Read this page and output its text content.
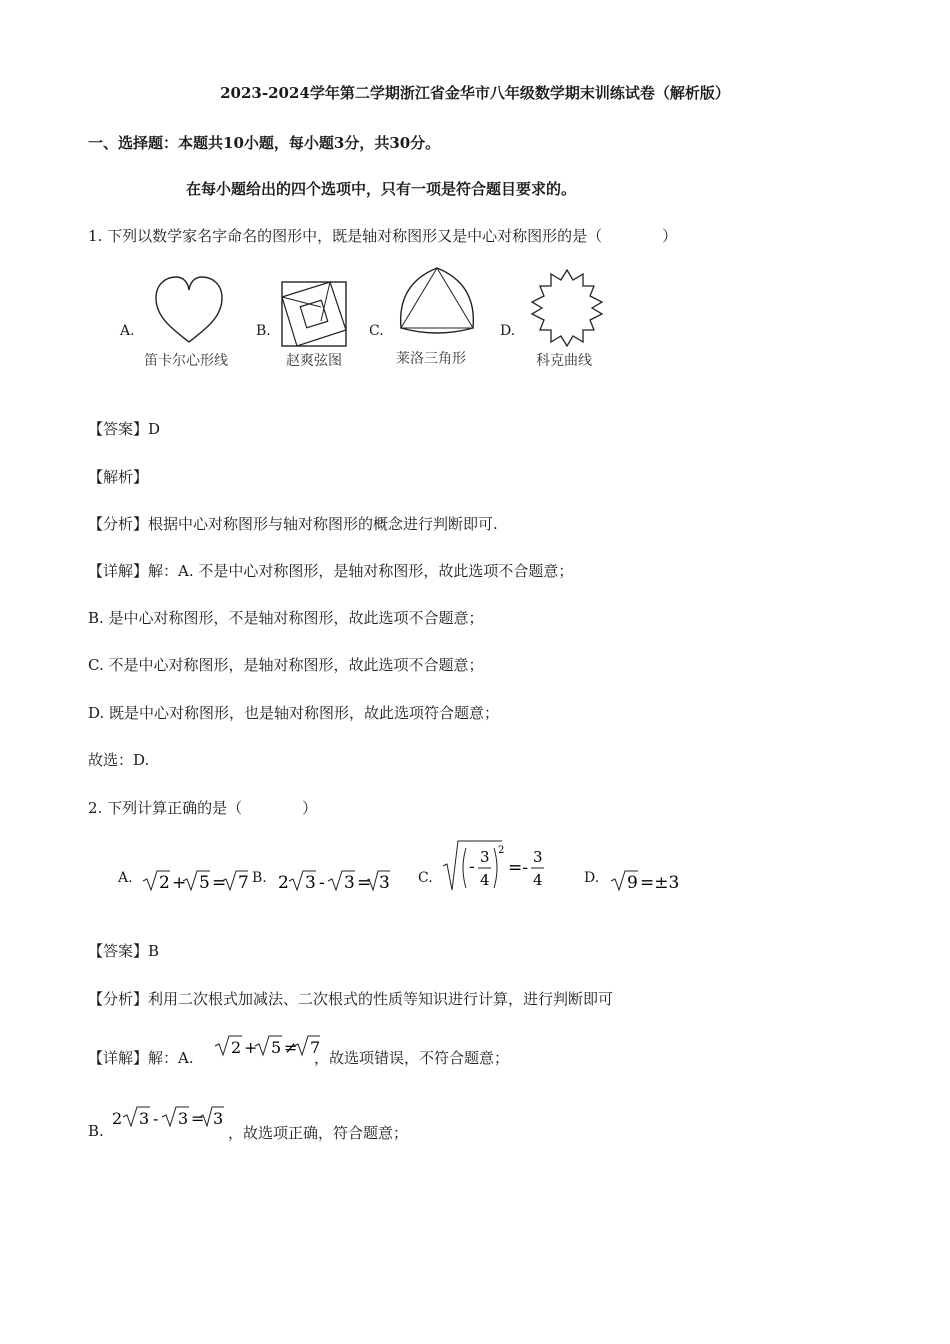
2023-2024学年第二学期浙江省金华市八年级数学期末训练试卷（解析版）
一、选择题：本题共10小题，每小题3分，共30分。
在每小题给出的四个选项中，只有一项是符合题目要求的。
1. 下列以数学家名字命名的图形中，既是轴对称图形又是中心对称图形的是（　　　　）
A.
笛卡尔心形线
B.
赵爽弦图
C.
莱洛三角形
D.
科克曲线
【答案】D
【解析】
【分析】根据中心对称图形与轴对称图形的概念进行判断即可.
【详解】解：A. 不是中心对称图形，是轴对称图形，故此选项不合题意；
B. 是中心对称图形，不是轴对称图形，故此选项不合题意；
C. 不是中心对称图形，是轴对称图形，故此选项不合题意；
D. 既是中心对称图形，也是轴对称图形，故此选项符合题意；
故选：D.
2. 下列计算正确的是（　　　　）
A. 2 + 5 = 7 B. 2 3 - 3 = 3 C.
- 3
4
2
=-
3
4	D. 9 =±3
【答案】B
【分析】利用二次根式加减法、二次根式的性质等知识进行计算，进行判断即可
【详解】解：A.
2 + 5 ≠ 7
，故选项错误，不符合题意；
B.
2 3 - 3 = 3
，故选项正确，符合题意；
